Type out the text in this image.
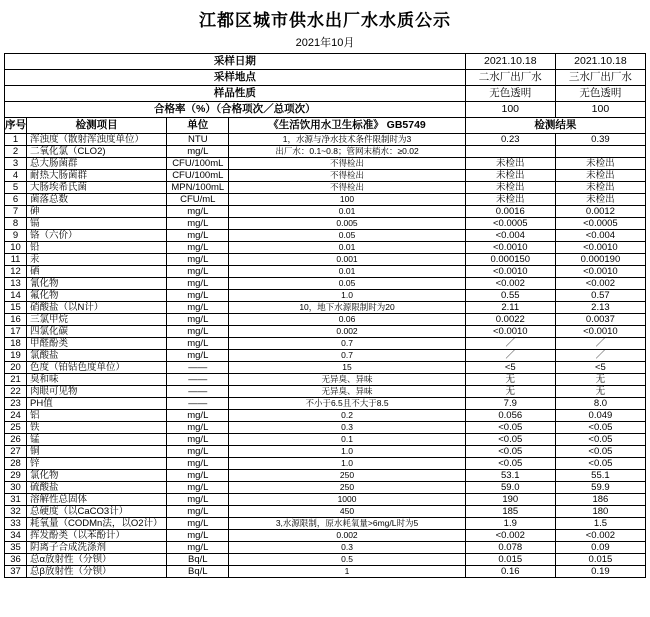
江都区城市供水出厂水水质公示
2021年10月
采样日期				2021.10.18	2021.10.18
采样地点				二水厂出厂水	三水厂出厂水
样品性质				无色透明	无色透明
合格率（%）（合格项次／总项次）				100	100
序号	检测项目	单位	《生活饮用水卫生标准》 GB5749	检测结果	
1	浑浊度（散射浑浊度单位）	NTU	1，水源与净水技术条件限制时为3	0.23	0.39
2	二氧化氯（CLO2)	mg/L	出厂水：0.1~0.8；管网末梢水：≥0.02		
3	总大肠菌群	CFU/100mL	不得检出	未检出	未检出
4	耐热大肠菌群	CFU/100mL	不得检出	未检出	未检出
5	大肠埃希氏菌	MPN/100mL	不得检出	未检出	未检出
6	菌落总数	CFU/mL	100	未检出	未检出
7	砷	mg/L	0.01	0.0016	0.0012
8	镉	mg/L	0.005	<0.0005	<0.0005
9	铬（六价）	mg/L	0.05	<0.004	<0.004
10	铅	mg/L	0.01	<0.0010	<0.0010
11	汞	mg/L	0.001	0.000150	0.000190
12	硒	mg/L	0.01	<0.0010	<0.0010
13	氰化物	mg/L	0.05	<0.002	<0.002
14	氟化物	mg/L	1.0	0.55	0.57
15	硝酸盐（以N计）	mg/L	10，地下水源限制时为20	2.11	2.13
16	三氯甲烷	mg/L	0.06	0.0022	0.0037
17	四氯化碳	mg/L	0.002	<0.0010	<0.0010
18	甲醛酚类	mg/L	0.7	／	／
19	氯酸盐	mg/L	0.7	／	／
20	色度（铂钴色度单位）	——	15	<5	<5
21	臭和味	——	无异臭、异味	无	无
22	肉眼可见物	——	无异臭、异味	无	无
23	PH值	——	不小于6.5且不大于8.5	7.9	8.0
24	铝	mg/L	0.2	0.056	0.049
25	铁	mg/L	0.3	<0.05	<0.05
26	锰	mg/L	0.1	<0.05	<0.05
27	铜	mg/L	1.0	<0.05	<0.05
28	锌	mg/L	1.0	<0.05	<0.05
29	氯化物	mg/L	250	53.1	55.1
30	硫酸盐	mg/L	250	59.0	59.9
31	溶解性总固体	mg/L	1000	190	186
32	总硬度（以CaCO3计）	mg/L	450	185	180
33	耗氧量（CODMn法，以O2计）	mg/L	3,水源限制，原水耗氧量>6mg/L时为5	1.9	1.5
34	挥发酚类（以苯酚计）	mg/L	0.002	<0.002	<0.002
35	阴离子合成洗涤剂	mg/L	0.3	0.078	0.09
36	总α放射性（分钡）	Bq/L	0.5	0.015	0.015
37	总β放射性（分钡）	Bq/L	1	0.16	0.19
